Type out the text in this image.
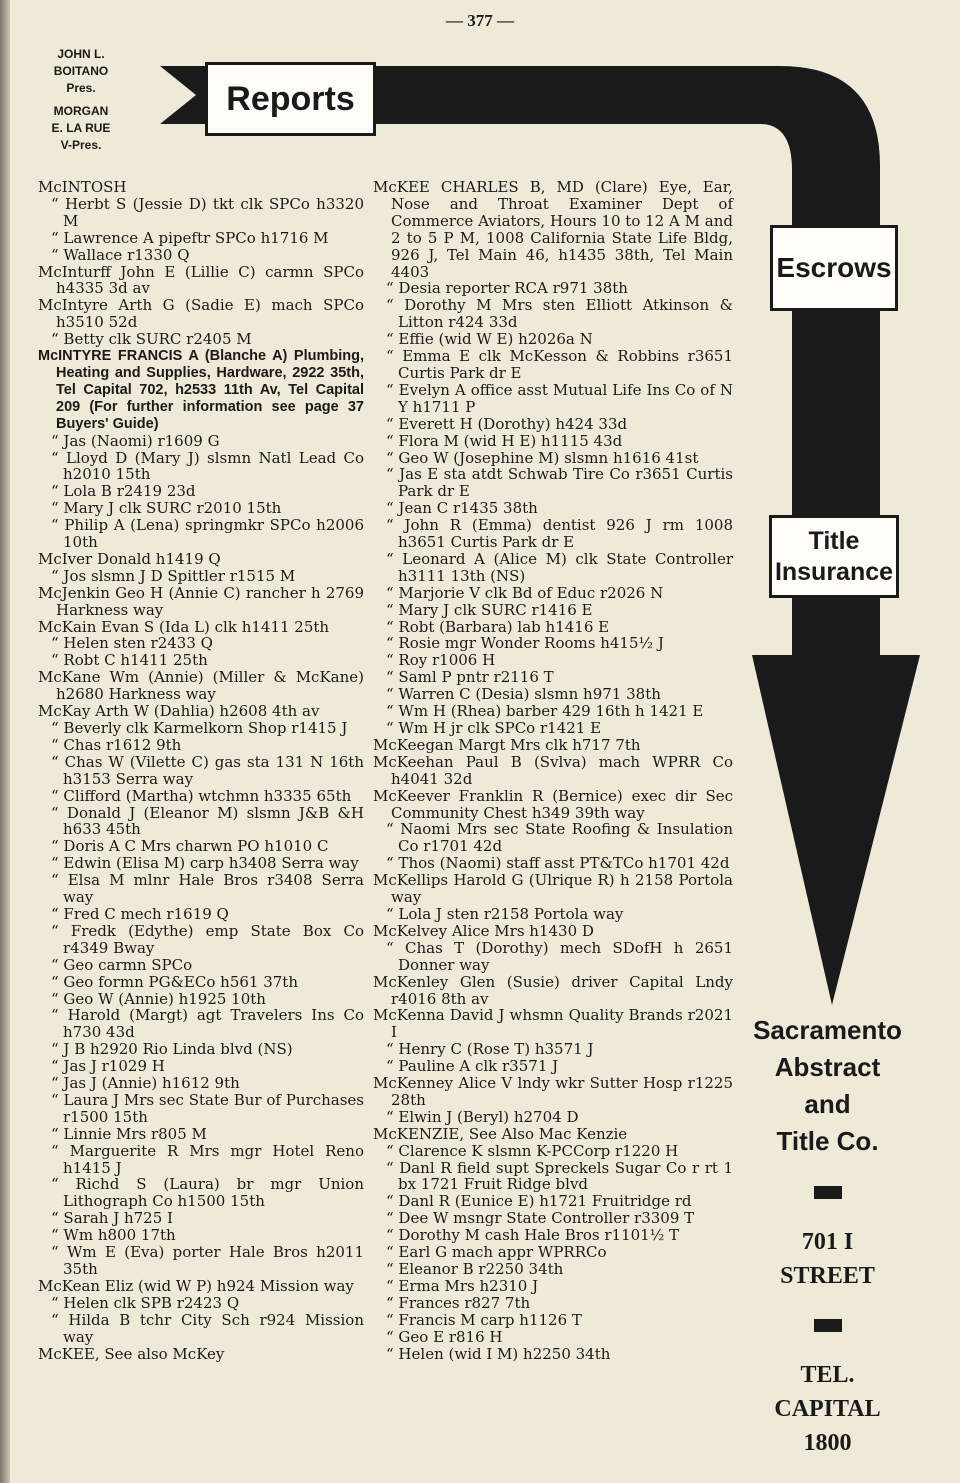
— 377 —
JOHN L.
BOITANO
Pres.
MORGAN
E. LA RUE
V-Pres.
Reports
Escrows
Title
Insurance
McINTOSH
“ Herbt S (Jessie D) tkt clk SPCo h3320 M
“ Lawrence A pipeftr SPCo h1716 M
“ Wallace r1330 Q
McInturff John E (Lillie C) carmn SPCo h4335 3d av
McIntyre Arth G (Sadie E) mach SPCo h3510 52d
“ Betty clk SURC r2405 M
McINTYRE FRANCIS A (Blanche A) Plumbing, Heating and Supplies, Hardware, 2922 35th, Tel Capital 702, h2533 11th Av, Tel Capital 209 (For further information see page 37 Buyers' Guide)
“ Jas (Naomi) r1609 G
“ Lloyd D (Mary J) slsmn Natl Lead Co h2010 15th
“ Lola B r2419 23d
“ Mary J clk SURC r2010 15th
“ Philip A (Lena) springmkr SPCo h2006 10th
McIver Donald h1419 Q
“ Jos slsmn J D Spittler r1515 M
McJenkin Geo H (Annie C) rancher h 2769 Harkness way
McKain Evan S (Ida L) clk h1411 25th
“ Helen sten r2433 Q
“ Robt C h1411 25th
McKane Wm (Annie) (Miller & McKane) h2680 Harkness way
McKay Arth W (Dahlia) h2608 4th av
“ Beverly clk Karmelkorn Shop r1415 J
“ Chas r1612 9th
“ Chas W (Vilette C) gas sta 131 N 16th h3153 Serra way
“ Clifford (Martha) wtchmn h3335 65th
“ Donald J (Eleanor M) slsmn J&B &H h633 45th
“ Doris A C Mrs charwn PO h1010 C
“ Edwin (Elisa M) carp h3408 Serra way
“ Elsa M mlnr Hale Bros r3408 Serra way
“ Fred C mech r1619 Q
“ Fredk (Edythe) emp State Box Co r4349 Bway
“ Geo carmn SPCo
“ Geo formn PG&ECo h561 37th
“ Geo W (Annie) h1925 10th
“ Harold (Margt) agt Travelers Ins Co h730 43d
“ J B h2920 Rio Linda blvd (NS)
“ Jas J r1029 H
“ Jas J (Annie) h1612 9th
“ Laura J Mrs sec State Bur of Purchases r1500 15th
“ Linnie Mrs r805 M
“ Marguerite R Mrs mgr Hotel Reno h1415 J
“ Richd S (Laura) br mgr Union Lithograph Co h1500 15th
“ Sarah J h725 I
“ Wm h800 17th
“ Wm E (Eva) porter Hale Bros h2011 35th
McKean Eliz (wid W P) h924 Mission way
“ Helen clk SPB r2423 Q
“ Hilda B tchr City Sch r924 Mission way
McKEE, See also McKey
McKEE CHARLES B, MD (Clare) Eye, Ear, Nose and Throat Examiner Dept of Commerce Aviators, Hours 10 to 12 A M and 2 to 5 P M, 1008 California State Life Bldg, 926 J, Tel Main 46, h1435 38th, Tel Main 4403
“ Desia reporter RCA r971 38th
“ Dorothy M Mrs sten Elliott Atkinson & Litton r424 33d
“ Effie (wid W E) h2026a N
“ Emma E clk McKesson & Robbins r3651 Curtis Park dr E
“ Evelyn A office asst Mutual Life Ins Co of N Y h1711 P
“ Everett H (Dorothy) h424 33d
“ Flora M (wid H E) h1115 43d
“ Geo W (Josephine M) slsmn h1616 41st
“ Jas E sta atdt Schwab Tire Co r3651 Curtis Park dr E
“ Jean C r1435 38th
“ John R (Emma) dentist 926 J rm 1008 h3651 Curtis Park dr E
“ Leonard A (Alice M) clk State Controller h3111 13th (NS)
“ Marjorie V clk Bd of Educ r2026 N
“ Mary J clk SURC r1416 E
“ Robt (Barbara) lab h1416 E
“ Rosie mgr Wonder Rooms h415½ J
“ Roy r1006 H
“ Saml P pntr r2116 T
“ Warren C (Desia) slsmn h971 38th
“ Wm H (Rhea) barber 429 16th h 1421 E
“ Wm H jr clk SPCo r1421 E
McKeegan Margt Mrs clk h717 7th
McKeehan Paul B (Svlva) mach WPRR Co h4041 32d
McKeever Franklin R (Bernice) exec dir Sec Community Chest h349 39th way
“ Naomi Mrs sec State Roofing & Insulation Co r1701 42d
“ Thos (Naomi) staff asst PT&TCo h1701 42d
McKellips Harold G (Ulrique R) h 2158 Portola way
“ Lola J sten r2158 Portola way
McKelvey Alice Mrs h1430 D
“ Chas T (Dorothy) mech SDofH h 2651 Donner way
McKenley Glen (Susie) driver Capital Lndy r4016 8th av
McKenna David J whsmn Quality Brands r2021 I
“ Henry C (Rose T) h3571 J
“ Pauline A clk r3571 J
McKenney Alice V lndy wkr Sutter Hosp r1225 28th
“ Elwin J (Beryl) h2704 D
McKENZIE, See Also Mac Kenzie
“ Clarence K slsmn K-PCCorp r1220 H
“ Danl R field supt Spreckels Sugar Co r rt 1 bx 1721 Fruit Ridge blvd
“ Danl R (Eunice E) h1721 Fruitridge rd
“ Dee W msngr State Controller r3309 T
“ Dorothy M cash Hale Bros r1101½ T
“ Earl G mach appr WPRRCo
“ Eleanor B r2250 34th
“ Erma Mrs h2310 J
“ Frances r827 7th
“ Francis M carp h1126 T
“ Geo E r816 H
“ Helen (wid I M) h2250 34th
Sacramento
Abstract
and
Title Co.
701 I
STREET
TEL.
CAPITAL
1800
